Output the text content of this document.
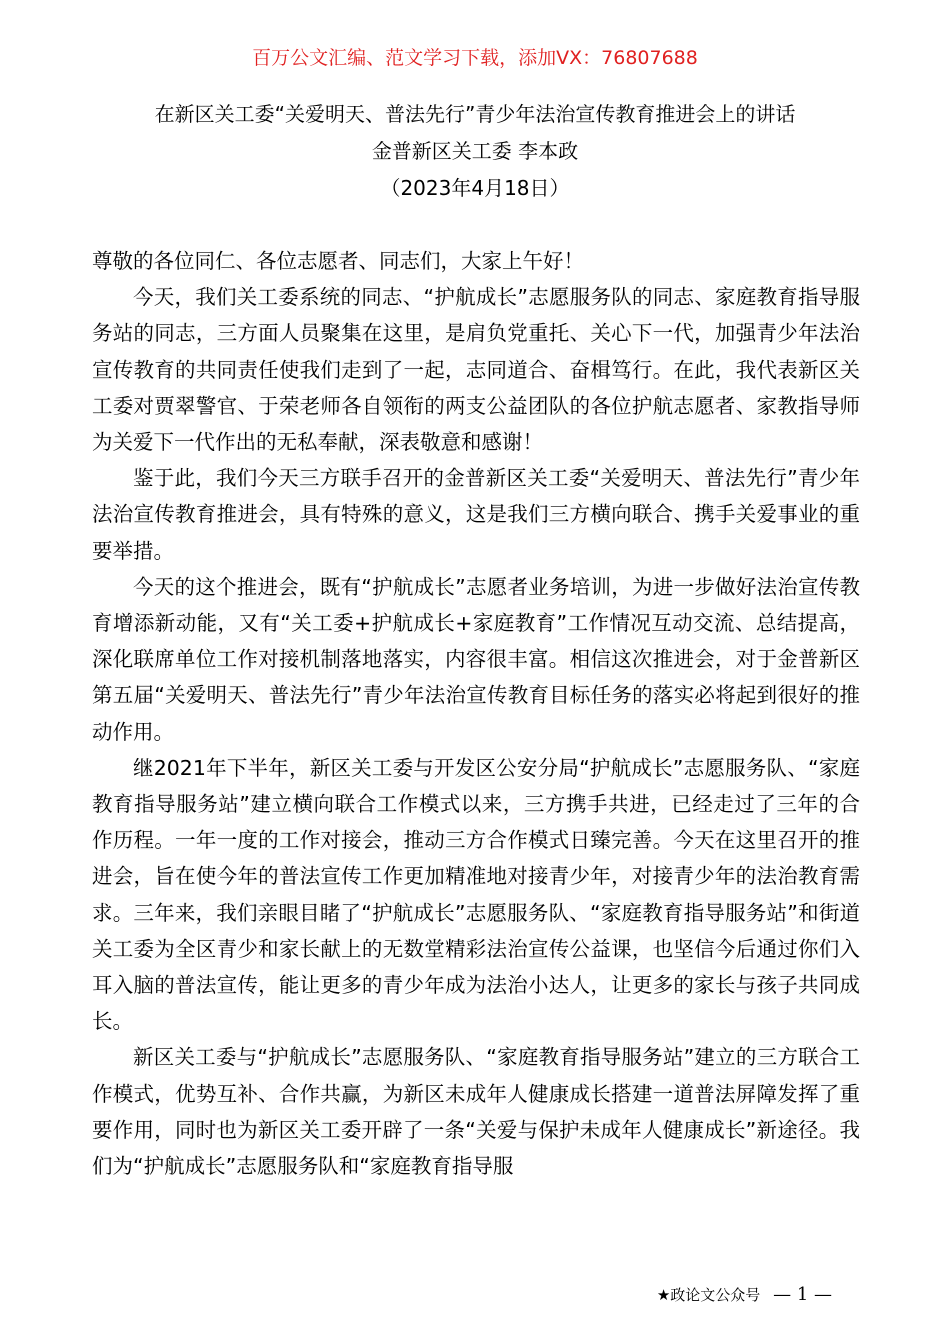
百万公文汇编、范文学习下载，添加VX：76807688
在新区关工委“关爱明天、普法先行”青少年法治宣传教育推进会上的讲话
金普新区关工委 李本政
（2023年4月18日）

尊敬的各位同仁、各位志愿者、同志们，大家上午好！

今天，我们关工委系统的同志、“护航成长”志愿服务队的同志、家庭教育指导服务站的同志，三方面人员聚集在这里，是肩负党重托、关心下一代，加强青少年法治宣传教育的共同责任使我们走到了一起，志同道合、奋楫笃行。在此，我代表新区关工委对贾翠警官、于荣老师各自领衔的两支公益团队的各位护航志愿者、家教指导师为关爱下一代作出的无私奉献，深表敬意和感谢！

鉴于此，我们今天三方联手召开的金普新区关工委“关爱明天、普法先行”青少年法治宣传教育推进会，具有特殊的意义，这是我们三方横向联合、携手关爱事业的重要举措。

今天的这个推进会，既有“护航成长”志愿者业务培训，为进一步做好法治宣传教育增添新动能，又有“关工委+护航成长+家庭教育”工作情况互动交流、总结提高，深化联席单位工作对接机制落地落实，内容很丰富。相信这次推进会，对于金普新区第五届“关爱明天、普法先行”青少年法治宣传教育目标任务的落实必将起到很好的推动作用。

继2021年下半年，新区关工委与开发区公安分局“护航成长”志愿服务队、“家庭教育指导服务站”建立横向联合工作模式以来，三方携手共进，已经走过了三年的合作历程。一年一度的工作对接会，推动三方合作模式日臻完善。今天在这里召开的推进会，旨在使今年的普法宣传工作更加精准地对接青少年，对接青少年的法治教育需求。三年来，我们亲眼目睹了“护航成长”志愿服务队、“家庭教育指导服务站”和街道关工委为全区青少和家长献上的无数堂精彩法治宣传公益课，也坚信今后通过你们入耳入脑的普法宣传，能让更多的青少年成为法治小达人，让更多的家长与孩子共同成长。

新区关工委与“护航成长”志愿服务队、“家庭教育指导服务站”建立的三方联合工作模式，优势互补、合作共赢，为新区未成年人健康成长搭建一道普法屏障发挥了重要作用，同时也为新区关工委开辟了一条“关爱与保护未成年人健康成长”新途径。我们为“护航成长”志愿服务队和“家庭教育指导服

★政论文公众号 — 1 —
